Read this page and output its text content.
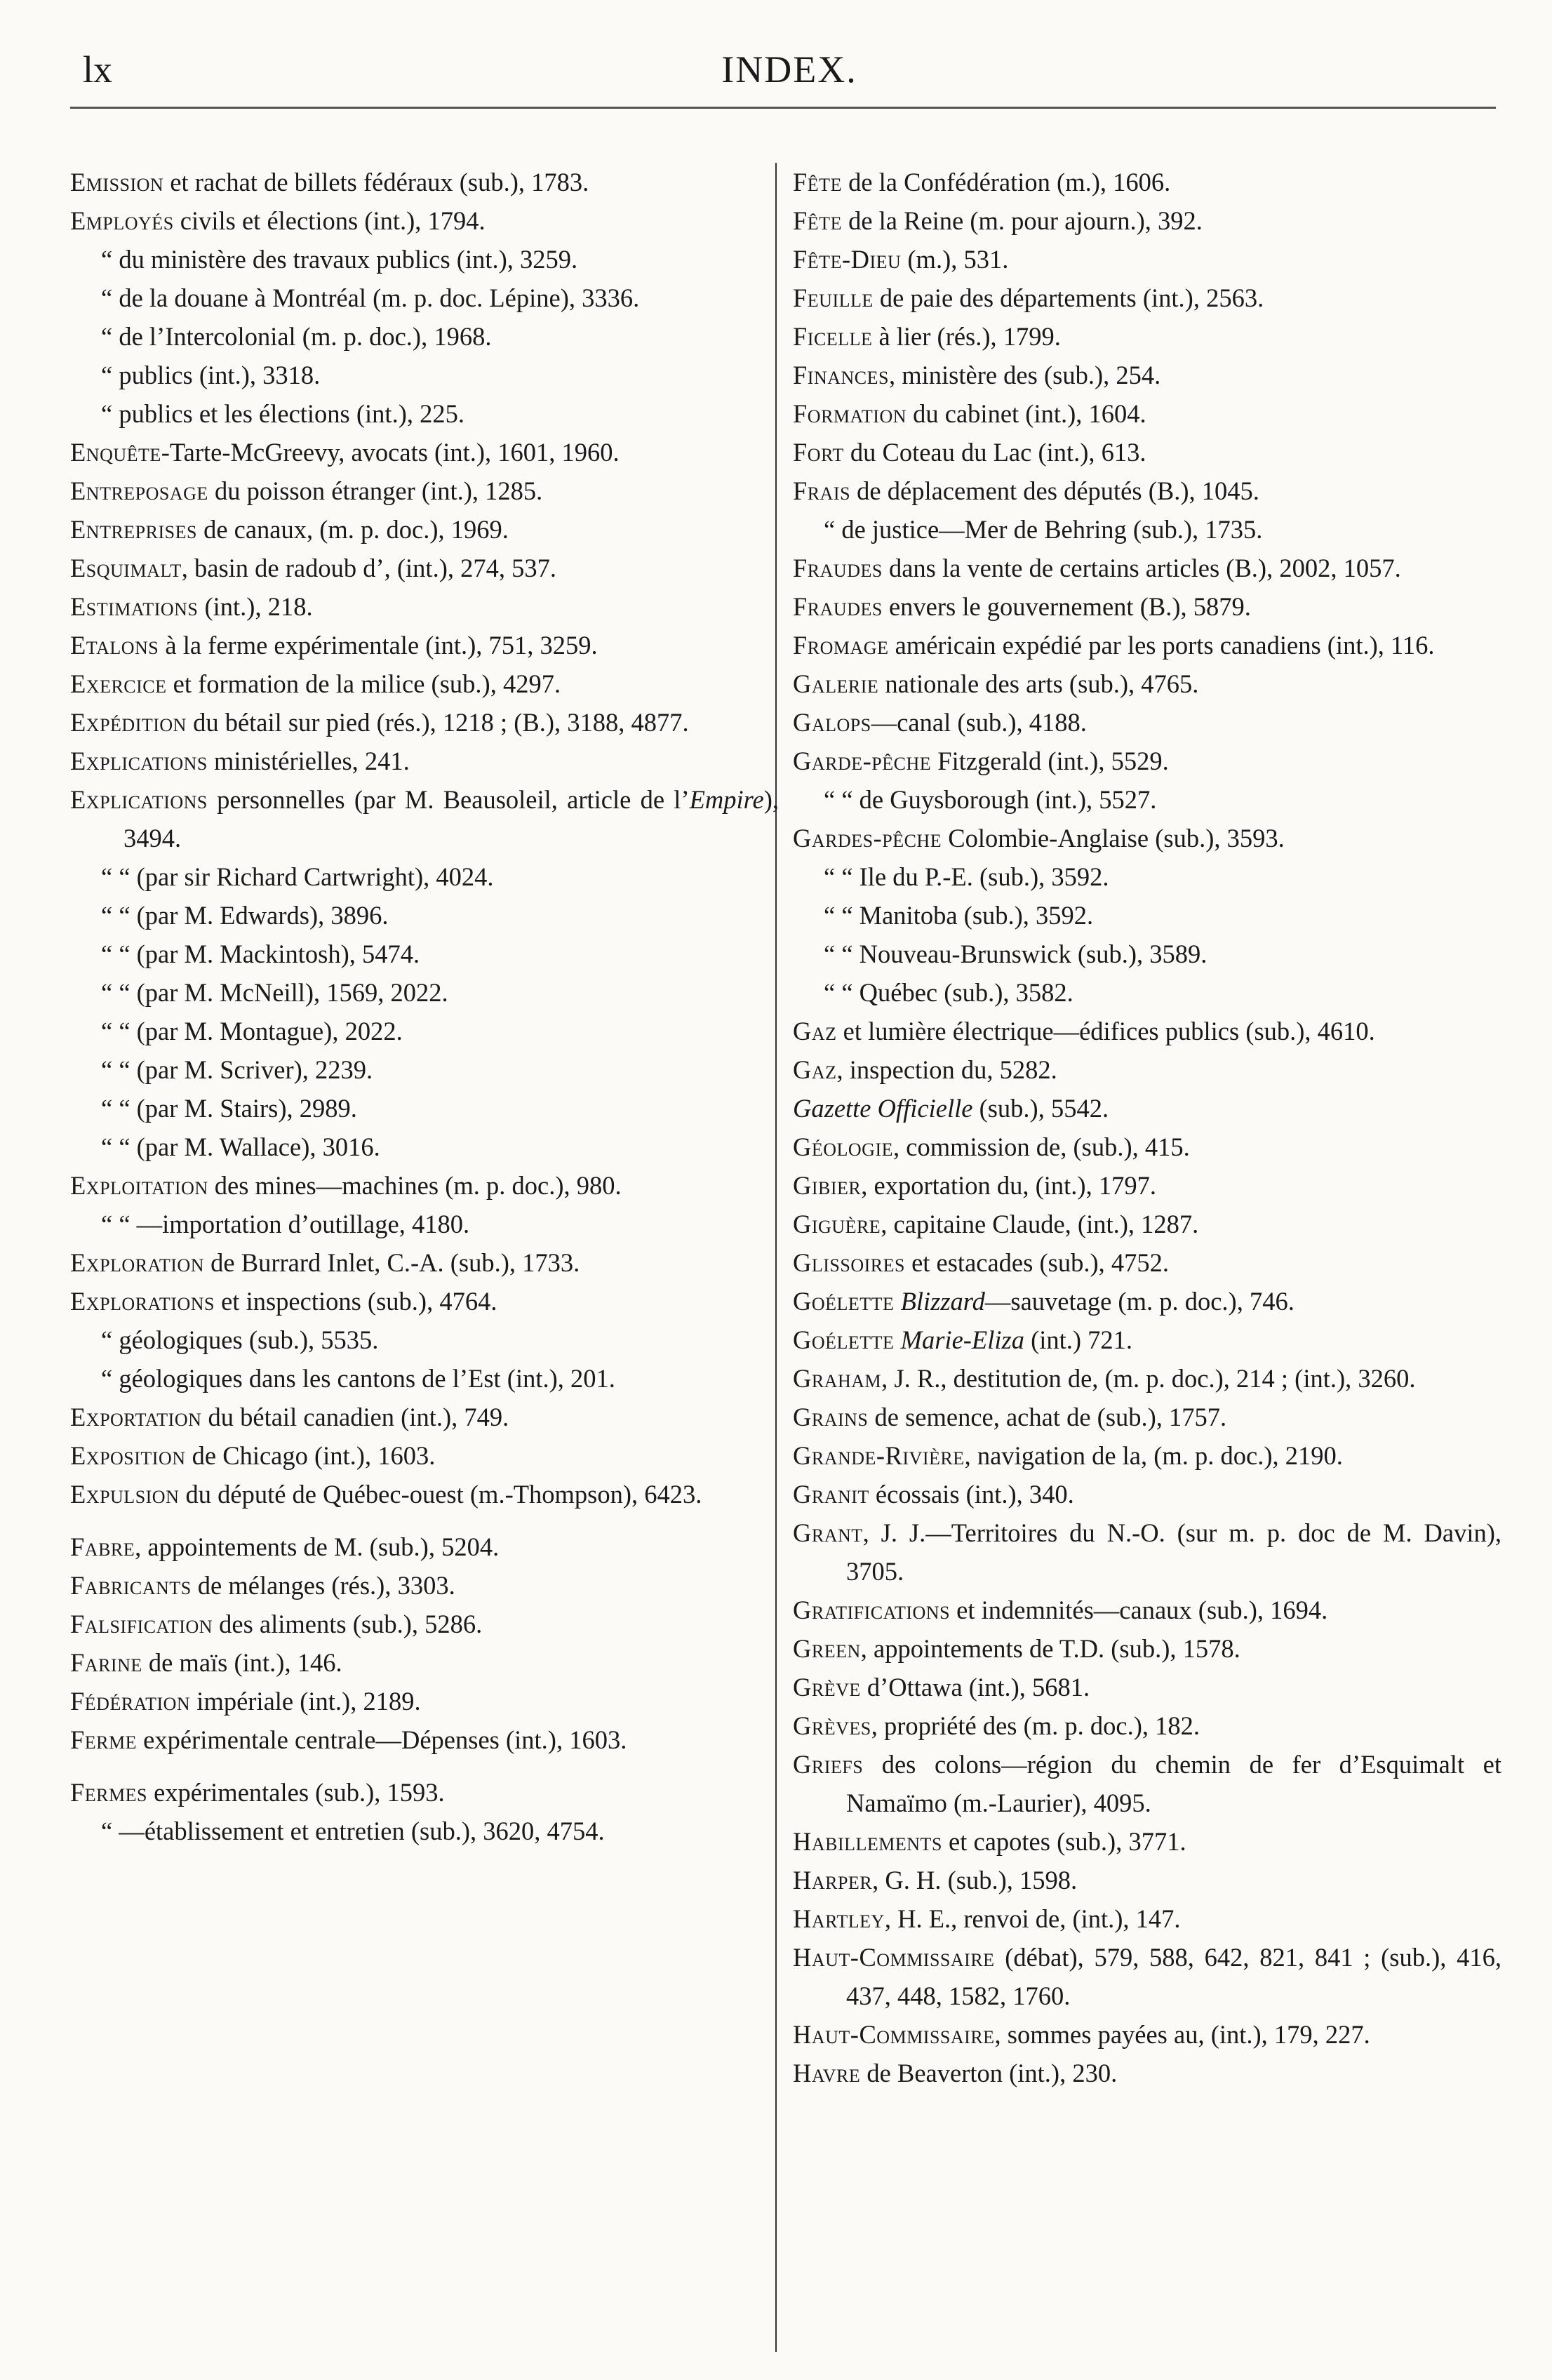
lx	INDEX.
Emission et rachat de billets fédéraux (sub.), 1783.
Employés civils et élections (int.), 1794.
“ du ministère des travaux publics (int.), 3259.
“ de la douane à Montréal (m. p. doc. Lépine), 3336.
“ de l’Intercolonial (m. p. doc.), 1968.
“ publics (int.), 3318.
“ publics et les élections (int.), 225.
Enquête-Tarte-McGreevy, avocats (int.), 1601, 1960.
Entreposage du poisson étranger (int.), 1285.
Entreprises de canaux, (m. p. doc.), 1969.
Esquimalt, basin de radoub d’, (int.), 274, 537.
Estimations (int.), 218.
Etalons à la ferme expérimentale (int.), 751, 3259.
Exercice et formation de la milice (sub.), 4297.
Expédition du bétail sur pied (rés.), 1218 ; (B.), 3188, 4877.
Explications ministérielles, 241.
Explications personnelles (par M. Beausoleil, article de l’Empire), 3494.
“ “ (par sir Richard Cartwright), 4024.
“ “ (par M. Edwards), 3896.
“ “ (par M. Mackintosh), 5474.
“ “ (par M. McNeill), 1569, 2022.
“ “ (par M. Montague), 2022.
“ “ (par M. Scriver), 2239.
“ “ (par M. Stairs), 2989.
“ “ (par M. Wallace), 3016.
Exploitation des mines—machines (m. p. doc.), 980.
“ “ —importation d’outillage, 4180.
Exploration de Burrard Inlet, C.-A. (sub.), 1733.
Explorations et inspections (sub.), 4764.
“ géologiques (sub.), 5535.
“ géologiques dans les cantons de l’Est (int.), 201.
Exportation du bétail canadien (int.), 749.
Exposition de Chicago (int.), 1603.
Expulsion du député de Québec-ouest (m.-Thompson), 6423.
Fabre, appointements de M. (sub.), 5204.
Fabricants de mélanges (rés.), 3303.
Falsification des aliments (sub.), 5286.
Farine de maïs (int.), 146.
Fédération impériale (int.), 2189.
Ferme expérimentale centrale—Dépenses (int.), 1603.
Fermes expérimentales (sub.), 1593.
“ —établissement et entretien (sub.), 3620, 4754.
Fête de la Confédération (m.), 1606.
Fête de la Reine (m. pour ajourn.), 392.
Fête-Dieu (m.), 531.
Feuille de paie des départements (int.), 2563.
Ficelle à lier (rés.), 1799.
Finances, ministère des (sub.), 254.
Formation du cabinet (int.), 1604.
Fort du Coteau du Lac (int.), 613.
Frais de déplacement des députés (B.), 1045.
“ de justice—Mer de Behring (sub.), 1735.
Fraudes dans la vente de certains articles (B.), 2002, 1057.
Fraudes envers le gouvernement (B.), 5879.
Fromage américain expédié par les ports canadiens (int.), 116.
Galerie nationale des arts (sub.), 4765.
Galops—canal (sub.), 4188.
Garde-pêche Fitzgerald (int.), 5529.
“ “ de Guysborough (int.), 5527.
Gardes-pêche Colombie-Anglaise (sub.), 3593.
“ “ Ile du P.-E. (sub.), 3592.
“ “ Manitoba (sub.), 3592.
“ “ Nouveau-Brunswick (sub.), 3589.
“ “ Québec (sub.), 3582.
Gaz et lumière électrique—édifices publics (sub.), 4610.
Gaz, inspection du, 5282.
Gazette Officielle (sub.), 5542.
Géologie, commission de, (sub.), 415.
Gibier, exportation du, (int.), 1797.
Giguère, capitaine Claude, (int.), 1287.
Glissoires et estacades (sub.), 4752.
Goélette Blizzard—sauvetage (m. p. doc.), 746.
Goélette Marie-Eliza (int.) 721.
Graham, J. R., destitution de, (m. p. doc.), 214 ; (int.), 3260.
Grains de semence, achat de (sub.), 1757.
Grande-Rivière, navigation de la, (m. p. doc.), 2190.
Granit écossais (int.), 340.
Grant, J. J.—Territoires du N.-O. (sur m. p. doc de M. Davin), 3705.
Gratifications et indemnités—canaux (sub.), 1694.
Green, appointements de T.D. (sub.), 1578.
Grève d’Ottawa (int.), 5681.
Grèves, propriété des (m. p. doc.), 182.
Griefs des colons—région du chemin de fer d’Esquimalt et Namaïmo (m.-Laurier), 4095.
Habillements et capotes (sub.), 3771.
Harper, G. H. (sub.), 1598.
Hartley, H. E., renvoi de, (int.), 147.
Haut-Commissaire (débat), 579, 588, 642, 821, 841 ; (sub.), 416, 437, 448, 1582, 1760.
Haut-Commissaire, sommes payées au, (int.), 179, 227.
Havre de Beaverton (int.), 230.
